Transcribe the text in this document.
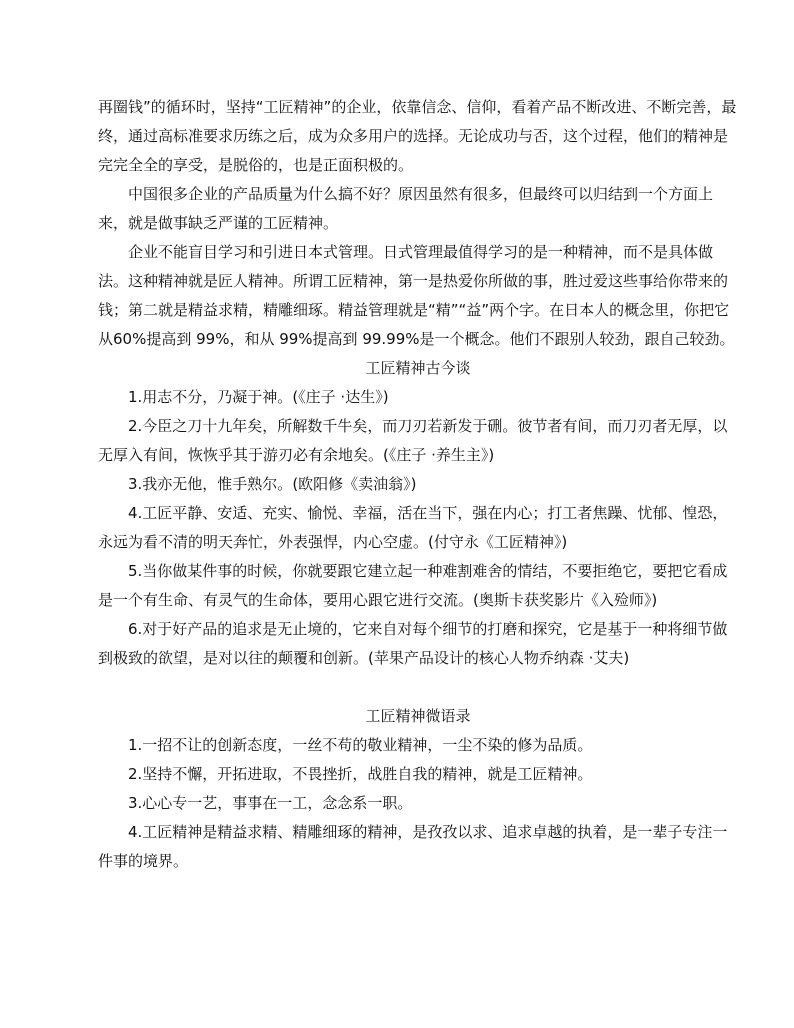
再圈钱”的循环时，坚持“工匠精神”的企业，依靠信念、信仰，看着产品不断改进、不断完善，最终，通过高标准要求历练之后，成为众多用户的选择。无论成功与否，这个过程，他们的精神是完完全全的享受，是脱俗的，也是正面积极的。

中国很多企业的产品质量为什么搞不好？原因虽然有很多，但最终可以归结到一个方面上来，就是做事缺乏严谨的工匠精神。

企业不能盲目学习和引进日本式管理。日式管理最值得学习的是一种精神，而不是具体做法。这种精神就是匠人精神。所谓工匠精神，第一是热爱你所做的事，胜过爱这些事给你带来的钱；第二就是精益求精，精雕细琢。精益管理就是“精”“益”两个字。在日本人的概念里，你把它从60%提高到 99%，和从 99%提高到 99.99%是一个概念。他们不跟别人较劲，跟自己较劲。

工匠精神古今谈

1.用志不分，乃凝于神。(《庄子 ·达生》)

2.今臣之刀十九年矣，所解数千牛矣，而刀刃若新发于硎。彼节者有间，而刀刃者无厚，以无厚入有间，恢恢乎其于游刃必有余地矣。(《庄子 ·养生主》)

3.我亦无他，惟手熟尔。(欧阳修《卖油翁》)

4.工匠平静、安适、充实、愉悦、幸福，活在当下，强在内心；打工者焦躁、忧郁、惶恐，永远为看不清的明天奔忙，外表强悍，内心空虚。(付守永《工匠精神》)

5.当你做某件事的时候，你就要跟它建立起一种难割难舍的情结，不要拒绝它，要把它看成是一个有生命、有灵气的生命体，要用心跟它进行交流。(奥斯卡获奖影片《入殓师》)

6.对于好产品的追求是无止境的，它来自对每个细节的打磨和探究，它是基于一种将细节做到极致的欲望，是对以往的颠覆和创新。(苹果产品设计的核心人物乔纳森 ·艾夫)

工匠精神微语录

1.一招不让的创新态度，一丝不苟的敬业精神，一尘不染的修为品质。

2.坚持不懈，开拓进取，不畏挫折，战胜自我的精神，就是工匠精神。

3.心心专一艺，事事在一工，念念系一职。

4.工匠精神是精益求精、精雕细琢的精神，是孜孜以求、追求卓越的执着，是一辈子专注一件事的境界。
